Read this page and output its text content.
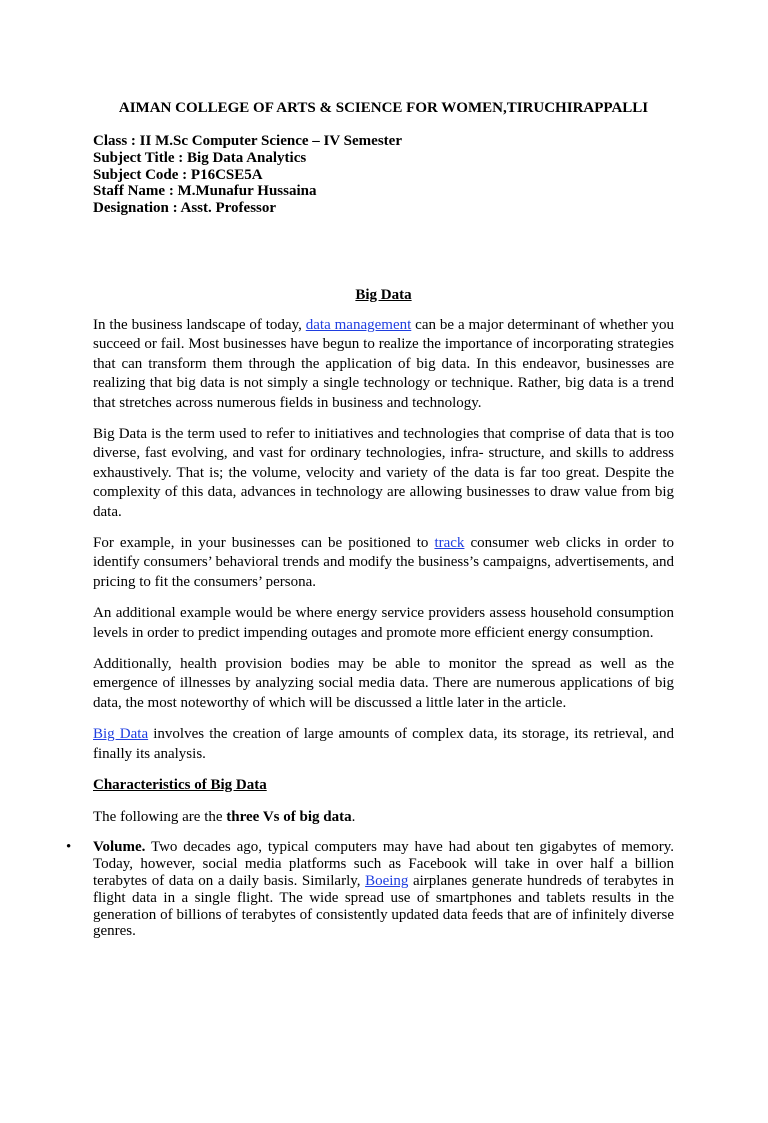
AIMAN COLLEGE OF ARTS & SCIENCE FOR WOMEN,TIRUCHIRAPPALLI
Class : II M.Sc Computer Science – IV Semester
Subject Title : Big Data Analytics
Subject Code : P16CSE5A
Staff Name : M.Munafur Hussaina
Designation : Asst. Professor
Big Data

In the business landscape of today, data management can be a major determinant of whether you succeed or fail. Most businesses have begun to realize the importance of incorporating strategies that can transform them through the application of big data. In this endeavor, businesses are realizing that big data is not simply a single technology or technique. Rather, big data is a trend that stretches across numerous fields in business and technology.

Big Data is the term used to refer to initiatives and technologies that comprise of data that is too diverse, fast evolving, and vast for ordinary technologies, infra- structure, and skills to address exhaustively. That is; the volume, velocity and variety of the data is far too great. Despite the complexity of this data, advances in technology are allowing businesses to draw value from big data.

For example, in your businesses can be positioned to track consumer web clicks in order to identify consumers’ behavioral trends and modify the business’s campaigns, advertisements, and pricing to fit the consumers’ persona.

An additional example would be where energy service providers assess household consumption levels in order to predict impending outages and promote more efficient energy consumption.

Additionally, health provision bodies may be able to monitor the spread as well as the emergence of illnesses by analyzing social media data. There are numerous applications of big data, the most noteworthy of which will be discussed a little later in the article.

Big Data involves the creation of large amounts of complex data, its storage, its retrieval, and finally its analysis.

Characteristics of Big Data

The following are the three Vs of big data.

• Volume. Two decades ago, typical computers may have had about ten gigabytes of memory. Today, however, social media platforms such as Facebook will take in over half a billion terabytes of data on a daily basis. Similarly, Boeing airplanes generate hundreds of terabytes in flight data in a single flight. The wide spread use of smartphones and tablets results in the generation of billions of terabytes of consistently updated data feeds that are of infinitely diverse genres.
